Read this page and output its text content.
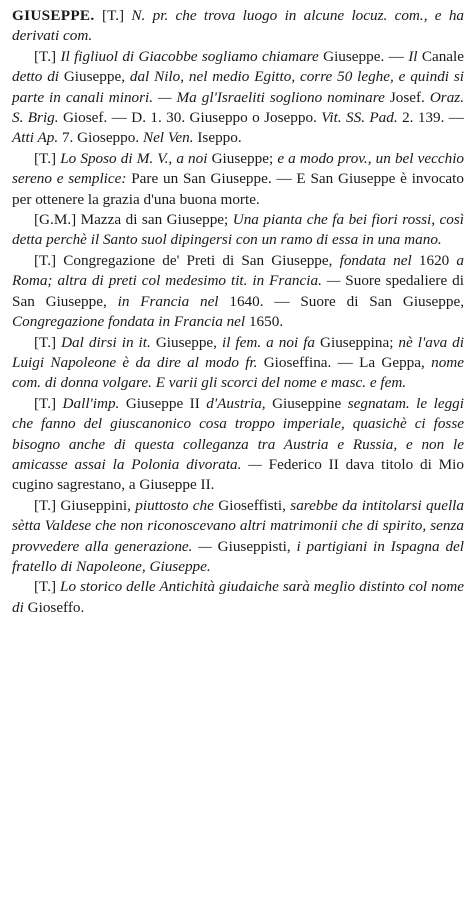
GIUSEPPE. [T.] N. pr. che trova luogo in alcune locuz. com., e ha derivati com.

[T.] Il figliuol di Giacobbe sogliamo chiamare Giuseppe. — Il Canale detto di Giuseppe, dal Nilo, nel medio Egitto, corre 50 leghe, e quindi si parte in canali minori. — Ma gl'Israeliti sogliono nominare Josef. Oraz. S. Brig. Giosef. — D. 1. 30. Giuseppo o Joseppo. Vit. SS. Pad. 2. 139. — Atti Ap. 7. Gioseppo. Nel Ven. Iseppo.

[T.] Lo Sposo di M. V., a noi Giuseppe; e a modo prov., un bel vecchio sereno e semplice: Pare un San Giuseppe. — E San Giuseppe è invocato per ottenere la grazia d'una buona morte.

[G.M.] Mazza di san Giuseppe; Una pianta che fa bei fiori rossi, così detta perchè il Santo suol dipingersi con un ramo di essa in una mano.

[T.] Congregazione de' Preti di San Giuseppe, fondata nel 1620 a Roma; altra di preti col medesimo tit. in Francia. — Suore spedaliere di San Giuseppe, in Francia nel 1640. — Suore di San Giuseppe, Congregazione fondata in Francia nel 1650.

[T.] Dal dirsi in it. Giuseppe, il fem. a noi fa Giuseppina; nè l'ava di Luigi Napoleone è da dire al modo fr. Gioseffina. — La Geppa, nome com. di donna volgare. E varii gli scorci del nome e masc. e fem.

[T.] Dall'imp. Giuseppe II d'Austria, Giuseppine segnatam. le leggi che fanno del giuscanonico cosa troppo imperiale, quasichè ci fosse bisogno anche di questa colleganza tra Austria e Russia, e non le amicasse assai la Polonia divorata. — Federico II dava titolo di Mio cugino sagrestano, a Giuseppe II.

[T.] Giuseppini, piuttosto che Gioseffisti, sarebbe da intitolarsi quella sètta Valdese che non riconoscevano altri matrimonii che di spirito, senza provvedere alla generazione. — Giuseppisti, i partigiani in Ispagna del fratello di Napoleone, Giuseppe.

[T.] Lo storico delle Antichità giudaiche sarà meglio distinto col nome di Gioseffo.
